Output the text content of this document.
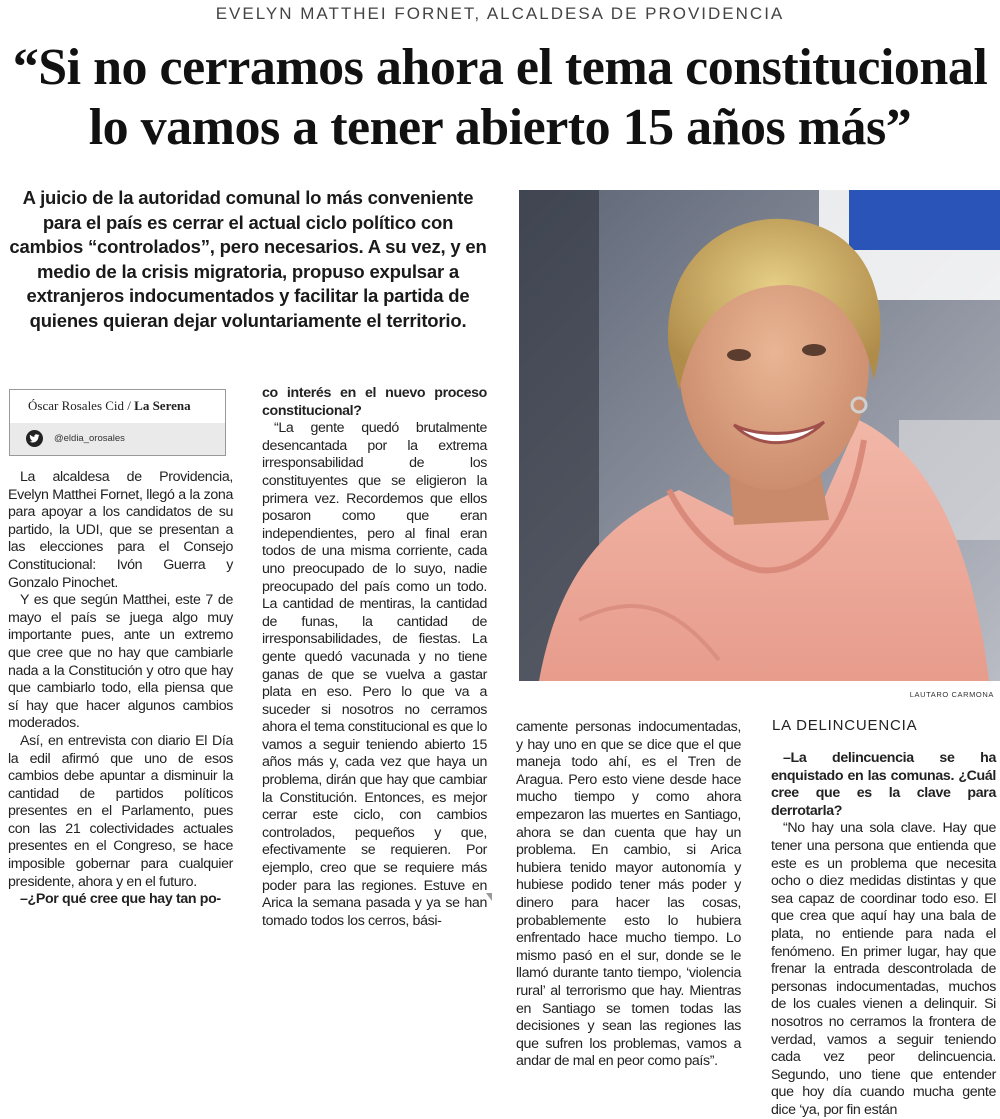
EVELYN MATTHEI FORNET, ALCALDESA DE PROVIDENCIA
“Si no cerramos ahora el tema constitucional
lo vamos a tener abierto 15 años más”
A juicio de la autoridad comunal lo más conveniente para el país es cerrar el actual ciclo político con cambios “controlados”, pero necesarios. A su vez, y en medio de la crisis migratoria, propuso expulsar a extranjeros indocumentados y facilitar la partida de quienes quieran dejar voluntariamente el territorio.
LAUTARO CARMONA
Óscar Rosales Cid / La Serena
@eldia_orosales

La alcaldesa de Providencia, Evelyn Matthei Fornet, llegó a la zona para apoyar a los candidatos de su partido, la UDI, que se presentan a las elecciones para el Consejo Constitucional: Ivón Guerra y Gonzalo Pinochet.

Y es que según Matthei, este 7 de mayo el país se juega algo muy importante pues, ante un extremo que cree que no hay que cambiarle nada a la Constitución y otro que hay que cambiarlo todo, ella piensa que sí hay que hacer algunos cambios moderados.

Así, en entrevista con diario El Día la edil afirmó que uno de esos cambios debe apuntar a disminuir la cantidad de partidos políticos presentes en el Parlamento, pues con las 21 colectividades actuales presentes en el Congreso, se hace imposible gobernar para cualquier presidente, ahora y en el futuro.

–¿Por qué cree que hay tan po-

co interés en el nuevo proceso constitucional?

“La gente quedó brutalmente desencantada por la extrema irresponsabilidad de los constituyentes que se eligieron la primera vez. Recordemos que ellos posaron como que eran independientes, pero al final eran todos de una misma corriente, cada uno preocupado de lo suyo, nadie preocupado del país como un todo. La cantidad de mentiras, la cantidad de funas, la cantidad de irresponsabilidades, de fiestas. La gente quedó vacunada y no tiene ganas de que se vuelva a gastar plata en eso. Pero lo que va a suceder si nosotros no cerramos ahora el tema constitucional es que lo vamos a seguir teniendo abierto 15 años más y, cada vez que haya un problema, dirán que hay que cambiar la Constitución. Entonces, es mejor cerrar este ciclo, con cambios controlados, pequeños y que, efectivamente se requieren. Por ejemplo, creo que se requiere más poder para las regiones. Estuve en Arica la semana pasada y ya se han tomado todos los cerros, bási-

camente personas indocumentadas, y hay uno en que se dice que el que maneja todo ahí, es el Tren de Aragua. Pero esto viene desde hace mucho tiempo y como ahora empezaron las muertes en Santiago, ahora se dan cuenta que hay un problema. En cambio, si Arica hubiera tenido mayor autonomía y hubiese podido tener más poder y dinero para hacer las cosas, probablemente esto lo hubiera enfrentado hace mucho tiempo. Lo mismo pasó en el sur, donde se le llamó durante tanto tiempo, ‘violencia rural’ al terrorismo que hay. Mientras en Santiago se tomen todas las decisiones y sean las regiones las que sufren los problemas, vamos a andar de mal en peor como país”.

LA DELINCUENCIA

–La delincuencia se ha enquistado en las comunas. ¿Cuál cree que es la clave para derrotarla?

“No hay una sola clave. Hay que tener una persona que entienda que este es un problema que necesita ocho o diez medidas distintas y que sea capaz de coordinar todo eso. El que crea que aquí hay una bala de plata, no entiende para nada el fenómeno. En primer lugar, hay que frenar la entrada descontrolada de personas indocumentadas, muchos de los cuales vienen a delinquir. Si nosotros no cerramos la frontera de verdad, vamos a seguir teniendo cada vez peor delincuencia. Segundo, uno tiene que entender que hoy día cuando mucha gente dice ‘ya, por fin están
